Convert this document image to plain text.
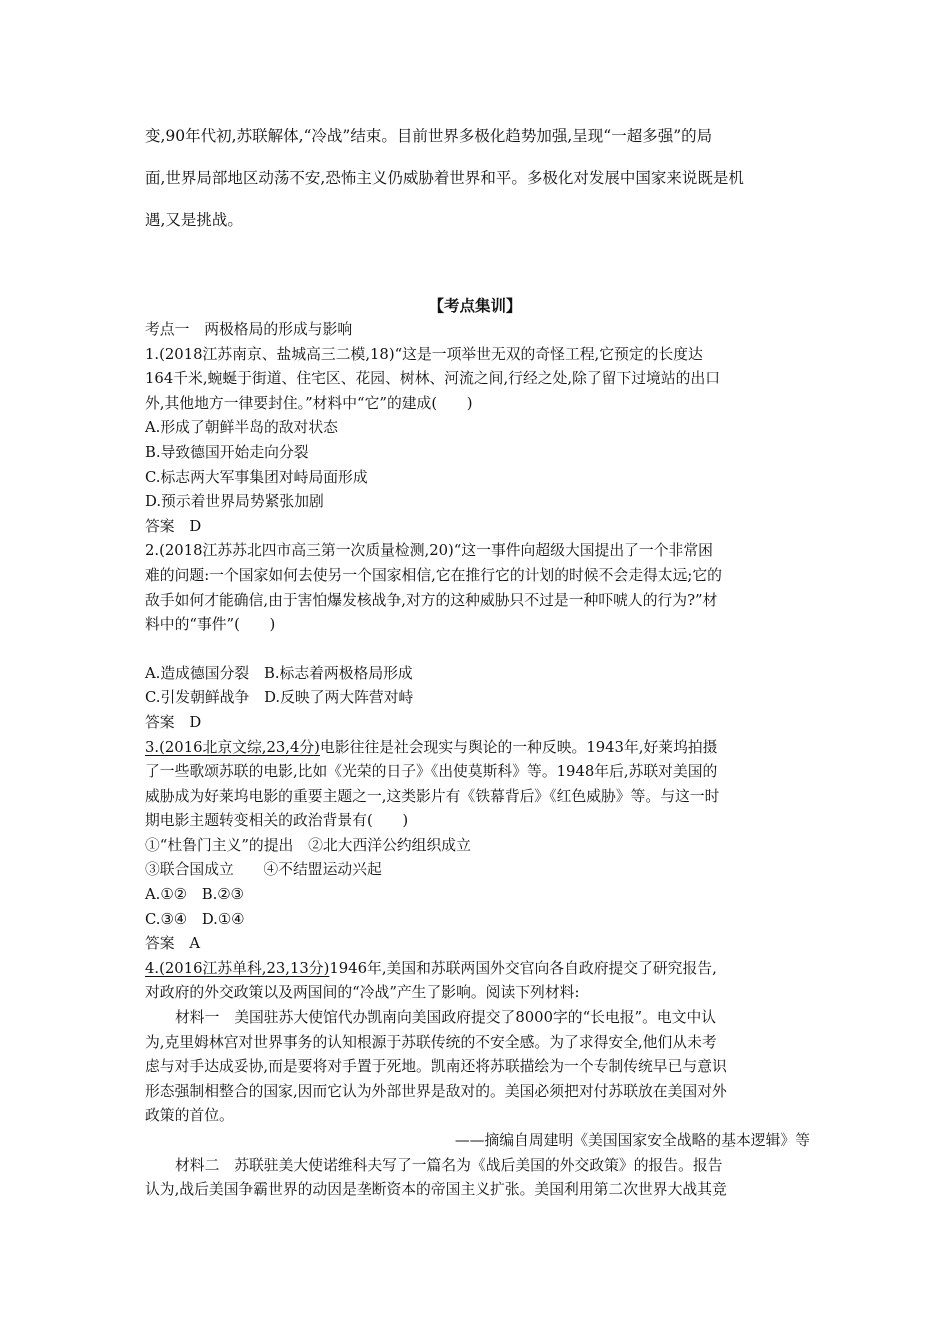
变,90年代初,苏联解体,“冷战”结束。目前世界多极化趋势加强,呈现“一超多强”的局

面,世界局部地区动荡不安,恐怖主义仍威胁着世界和平。多极化对发展中国家来说既是机

遇,又是挑战。

【考点集训】
考点一　两极格局的形成与影响
1.(2018江苏南京、盐城高三二模,18)“这是一项举世无双的奇怪工程,它预定的长度达
164千米,蜿蜒于街道、住宅区、花园、树林、河流之间,行经之处,除了留下过境站的出口
外,其他地方一律要封住。”材料中“它”的建成(　　)
A.形成了朝鲜半岛的敌对状态
B.导致德国开始走向分裂
C.标志两大军事集团对峙局面形成
D.预示着世界局势紧张加剧
答案　D
2.(2018江苏苏北四市高三第一次质量检测,20)“这一事件向超级大国提出了一个非常困
难的问题:一个国家如何去使另一个国家相信,它在推行它的计划的时候不会走得太远;它的
敌手如何才能确信,由于害怕爆发核战争,对方的这种威胁只不过是一种吓唬人的行为?”材
料中的“事件”(　　)
A.造成德国分裂　B.标志着两极格局形成
C.引发朝鲜战争　D.反映了两大阵营对峙
答案　D
3.(2016北京文综,23,4分)电影往往是社会现实与舆论的一种反映。1943年,好莱坞拍摄
了一些歌颂苏联的电影,比如《光荣的日子》《出使莫斯科》等。1948年后,苏联对美国的
威胁成为好莱坞电影的重要主题之一,这类影片有《铁幕背后》《红色威胁》等。与这一时
期电影主题转变相关的政治背景有(　　)
①“杜鲁门主义”的提出　②北大西洋公约组织成立
③联合国成立　　④不结盟运动兴起
A.①②　B.②③
C.③④　D.①④
答案　A
4.(2016江苏单科,23,13分)1946年,美国和苏联两国外交官向各自政府提交了研究报告,
对政府的外交政策以及两国间的“冷战”产生了影响。阅读下列材料:
材料一　美国驻苏大使馆代办凯南向美国政府提交了8000字的“长电报”。电文中认
为,克里姆林宫对世界事务的认知根源于苏联传统的不安全感。为了求得安全,他们从未考
虑与对手达成妥协,而是要将对手置于死地。凯南还将苏联描绘为一个专制传统早已与意识
形态强制相整合的国家,因而它认为外部世界是敌对的。美国必须把对付苏联放在美国对外
政策的首位。
——摘编自周建明《美国国家安全战略的基本逻辑》等
材料二　苏联驻美大使诺维科夫写了一篇名为《战后美国的外交政策》的报告。报告
认为,战后美国争霸世界的动因是垄断资本的帝国主义扩张。美国利用第二次世界大战其竞
